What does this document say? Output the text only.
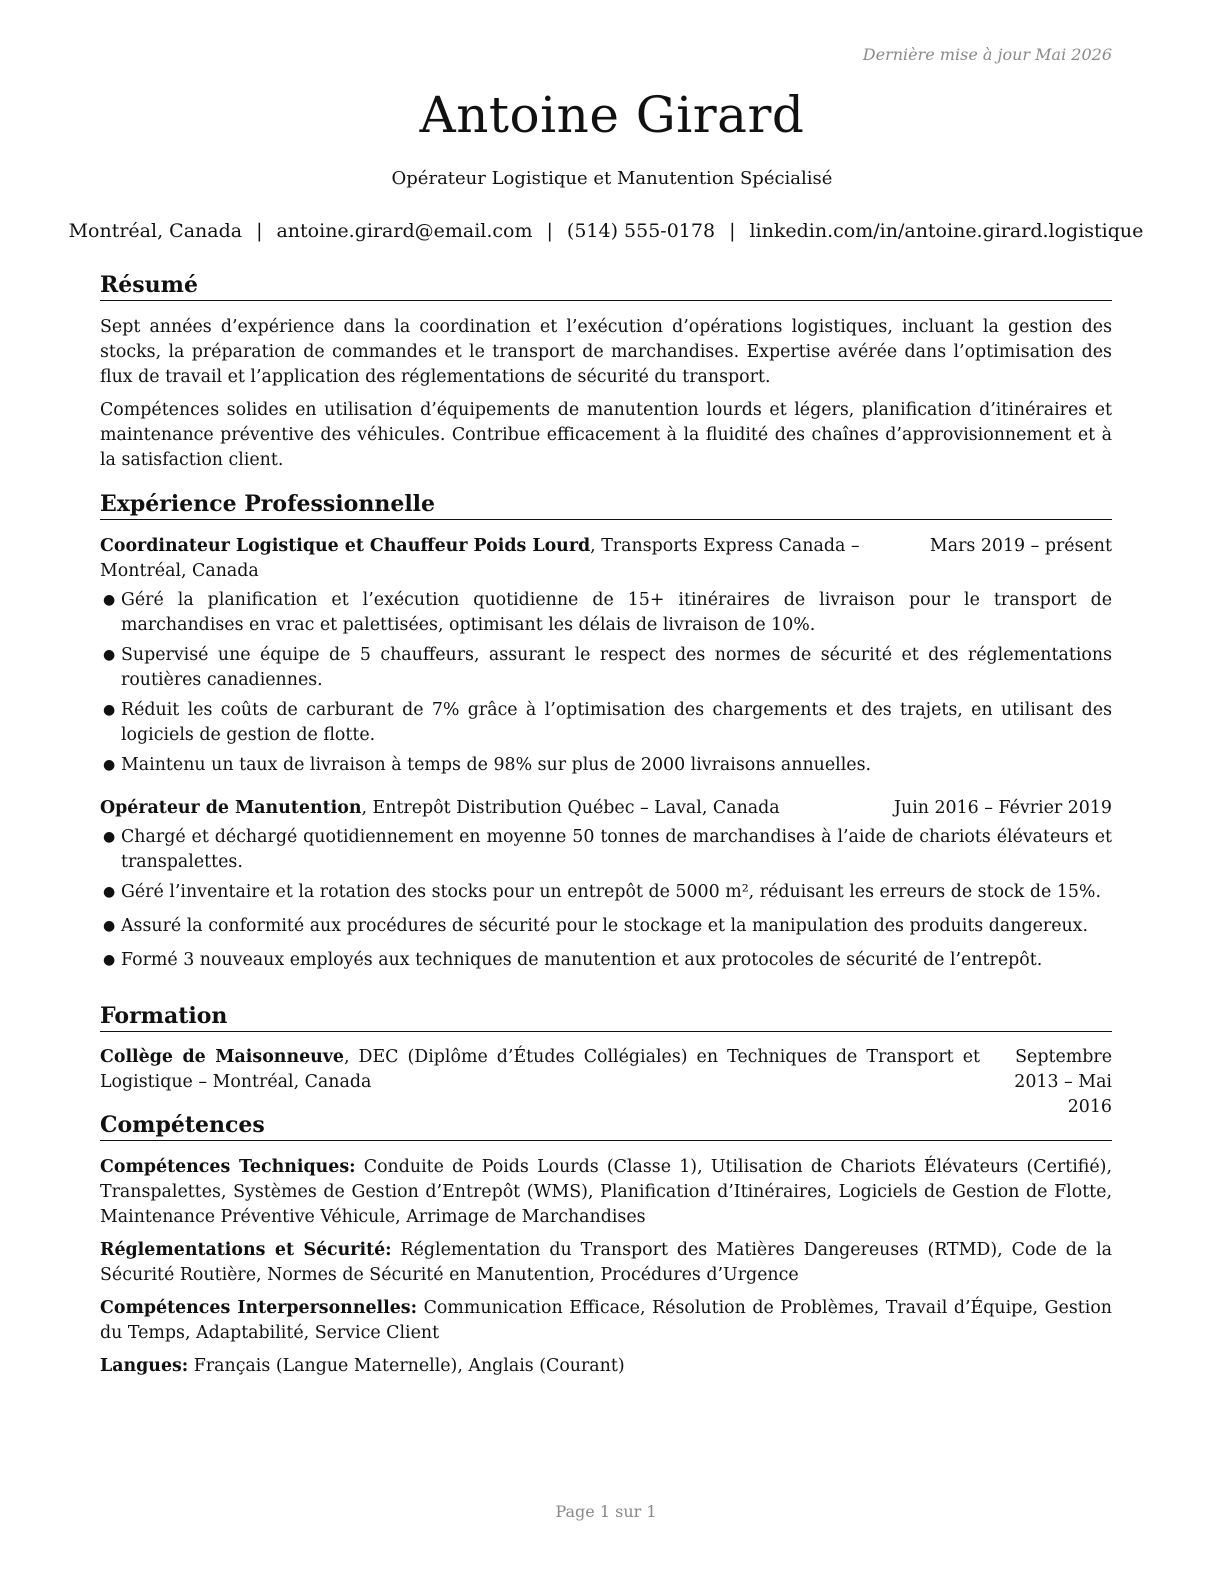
Dernière mise à jour Mai 2026
Antoine Girard
Opérateur Logistique et Manutention Spécialisé
Montréal, Canada | antoine.girard@email.com | (514) 555-0178 | linkedin.com/in/antoine.girard.logistique
Résumé

Sept années d’expérience dans la coordination et l’exécution d’opérations logistiques, incluant la gestion des stocks, la préparation de commandes et le transport de marchandises. Expertise avérée dans l’optimisation des flux de travail et l’application des réglementations de sécurité du transport.

Compétences solides en utilisation d’équipements de manutention lourds et légers, planification d’itinéraires et maintenance préventive des véhicules. Contribue efficacement à la fluidité des chaînes d’approvisionnement et à la satisfaction client.

Expérience Professionnelle
Coordinateur Logistique et Chauffeur Poids Lourd, Transports Express Canada – Montréal, Canada
Mars 2019 – présent
● Géré la planification et l’exécution quotidienne de 15+ itinéraires de livraison pour le transport de marchandises en vrac et palettisées, optimisant les délais de livraison de 10%.
● Supervisé une équipe de 5 chauffeurs, assurant le respect des normes de sécurité et des réglementations routières canadiennes.
● Réduit les coûts de carburant de 7% grâce à l’optimisation des chargements et des trajets, en utilisant des logiciels de gestion de flotte.
● Maintenu un taux de livraison à temps de 98% sur plus de 2000 livraisons annuelles.
Opérateur de Manutention, Entrepôt Distribution Québec – Laval, Canada	Juin 2016 – Février 2019
● Chargé et déchargé quotidiennement en moyenne 50 tonnes de marchandises à l’aide de chariots élévateurs et transpalettes.
● Géré l’inventaire et la rotation des stocks pour un entrepôt de 5000 m², réduisant les erreurs de stock de 15%.
● Assuré la conformité aux procédures de sécurité pour le stockage et la manipulation des produits dangereux.
● Formé 3 nouveaux employés aux techniques de manutention et aux protocoles de sécurité de l’entrepôt.
Formation
Collège de Maisonneuve, DEC (Diplôme d’Études Collégiales) en Techniques de Transport et Logistique – Montréal, Canada
Septembre 2013 – Mai 2016
Compétences

Compétences Techniques: Conduite de Poids Lourds (Classe 1), Utilisation de Chariots Élévateurs (Certifié), Transpalettes, Systèmes de Gestion d’Entrepôt (WMS), Planification d’Itinéraires, Logiciels de Gestion de Flotte, Maintenance Préventive Véhicule, Arrimage de Marchandises

Réglementations et Sécurité: Réglementation du Transport des Matières Dangereuses (RTMD), Code de la Sécurité Routière, Normes de Sécurité en Manutention, Procédures d’Urgence

Compétences Interpersonnelles: Communication Efficace, Résolution de Problèmes, Travail d’Équipe, Gestion du Temps, Adaptabilité, Service Client

Langues: Français (Langue Maternelle), Anglais (Courant)

Page 1 sur 1
